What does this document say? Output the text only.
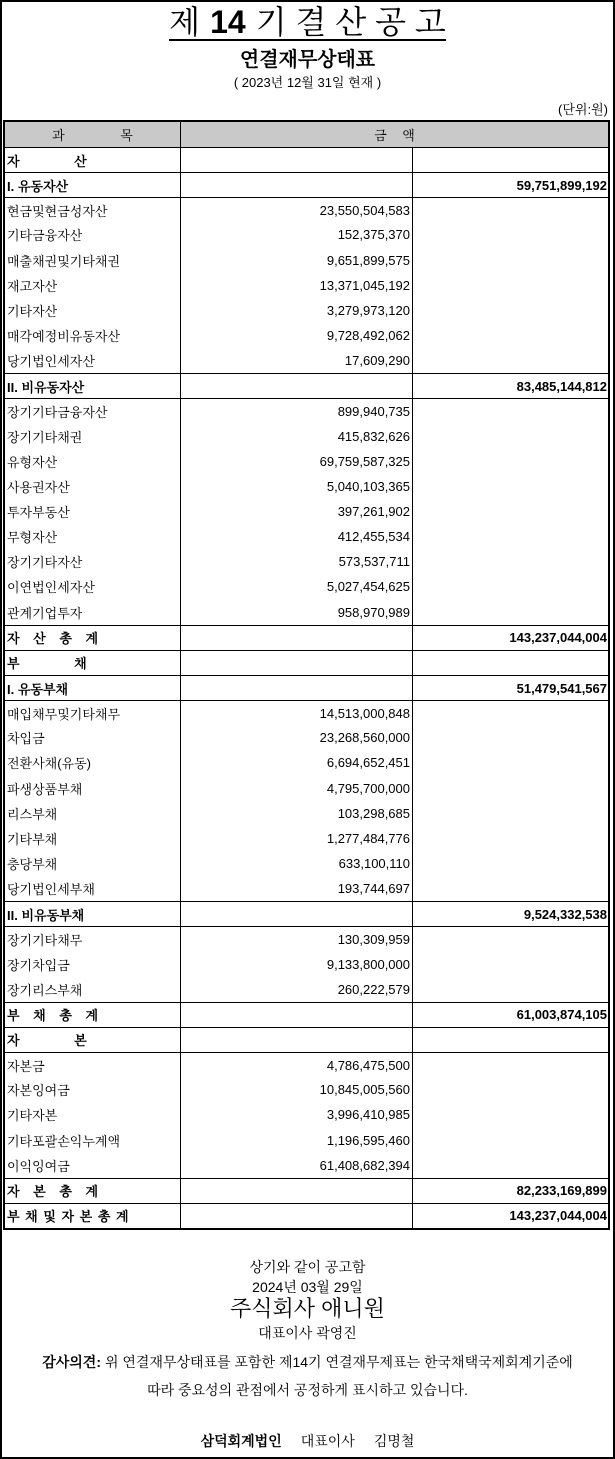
제 14 기 결 산 공 고
연결재무상태표
( 2023년 12월 31일 현재 )
(단위:원)
과 목	금 액
자 산
I. 유동자산	59,751,899,192
현금및현금성자산	23,550,504,583
기타금융자산	152,375,370
매출채권및기타채권	9,651,899,575
재고자산	13,371,045,192
기타자산	3,279,973,120
매각예정비유동자산	9,728,492,062
당기법인세자산	17,609,290
II. 비유동자산	83,485,144,812
장기기타금융자산	899,940,735
장기기타채권	415,832,626
유형자산	69,759,587,325
사용권자산	5,040,103,365
투자부동산	397,261,902
무형자산	412,455,534
장기기타자산	573,537,711
이연법인세자산	5,027,454,625
관계기업투자	958,970,989
자 산 총 계	143,237,044,004
부 채
I. 유동부채	51,479,541,567
매입채무및기타채무	14,513,000,848
차입금	23,268,560,000
전환사채(유동)	6,694,652,451
파생상품부채	4,795,700,000
리스부채	103,298,685
기타부채	1,277,484,776
충당부채	633,100,110
당기법인세부채	193,744,697
II. 비유동부채	9,524,332,538
장기기타채무	130,309,959
장기차입금	9,133,800,000
장기리스부채	260,222,579
부 채 총 계	61,003,874,105
자 본
자본금	4,786,475,500
자본잉여금	10,845,005,560
기타자본	3,996,410,985
기타포괄손익누계액	1,196,595,460
이익잉여금	61,408,682,394
자 본 총 계	82,233,169,899
부 채 및 자 본 총 계	143,237,044,004
상기와 같이 공고함
2024년 03월 29일
주식회사 애니원
대표이사 곽영진
감사의견: 위 연결재무상태표를 포함한 제14기 연결재무제표는 한국채택국제회계기준에
따라 중요성의 관점에서 공정하게 표시하고 있습니다.
삼덕회계법인 대표이사 김명철
